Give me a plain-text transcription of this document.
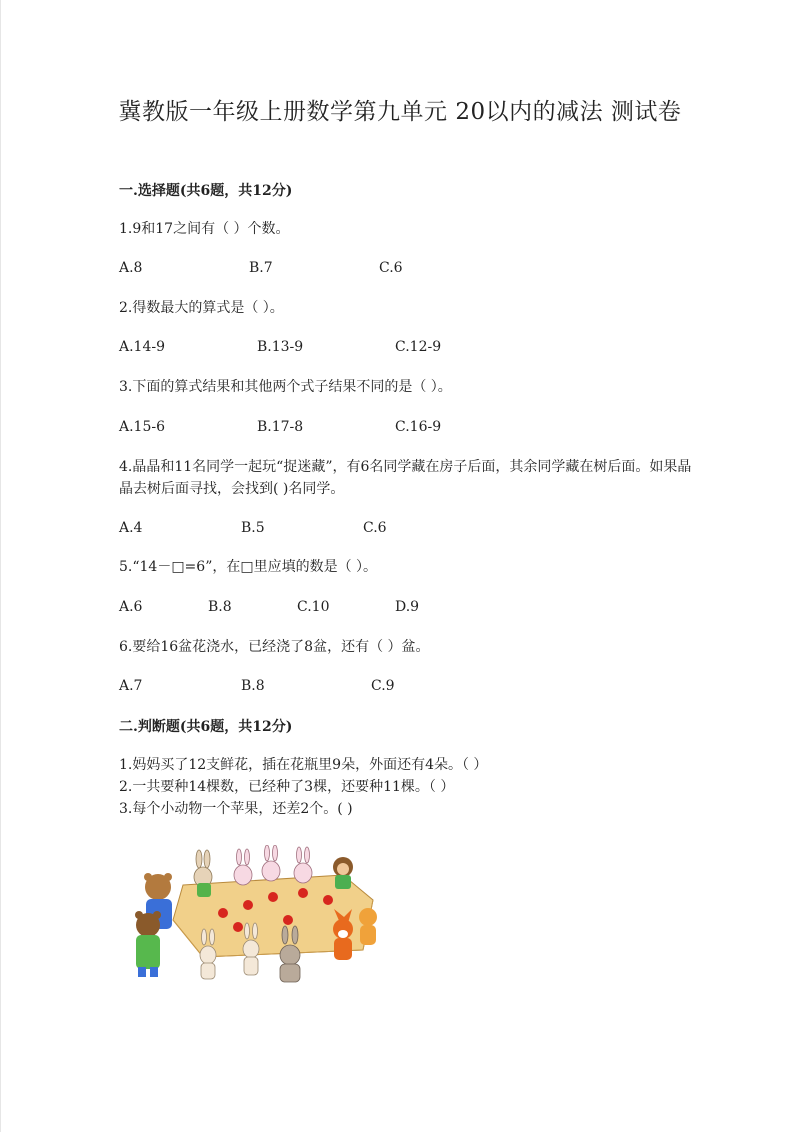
冀教版一年级上册数学第九单元 20以内的减法 测试卷
一.选择题(共6题，共12分)
1.9和17之间有（ ）个数。
A.8	B.7	C.6
2.得数最大的算式是（ ）。
A.14-9	B.13-9	C.12-9
3.下面的算式结果和其他两个式子结果不同的是（ ）。
A.15-6	B.17-8	C.16-9
4.晶晶和11名同学一起玩“捉迷藏”，有6名同学藏在房子后面，其余同学藏在树后面。如果晶晶去树后面寻找，会找到( )名同学。
A.4	B.5	C.6
5.“14－□=6”，在□里应填的数是（ ）。
A.6	B.8	C.10	D.9
6.要给16盆花浇水，已经浇了8盆，还有（ ）盆。
A.7	B.8	C.9
二.判断题(共6题，共12分)
1.妈妈买了12支鲜花，插在花瓶里9朵，外面还有4朵。（ ）
2.一共要种14棵数，已经种了3棵，还要种11棵。（ ）
3.每个小动物一个苹果，还差2个。( )
